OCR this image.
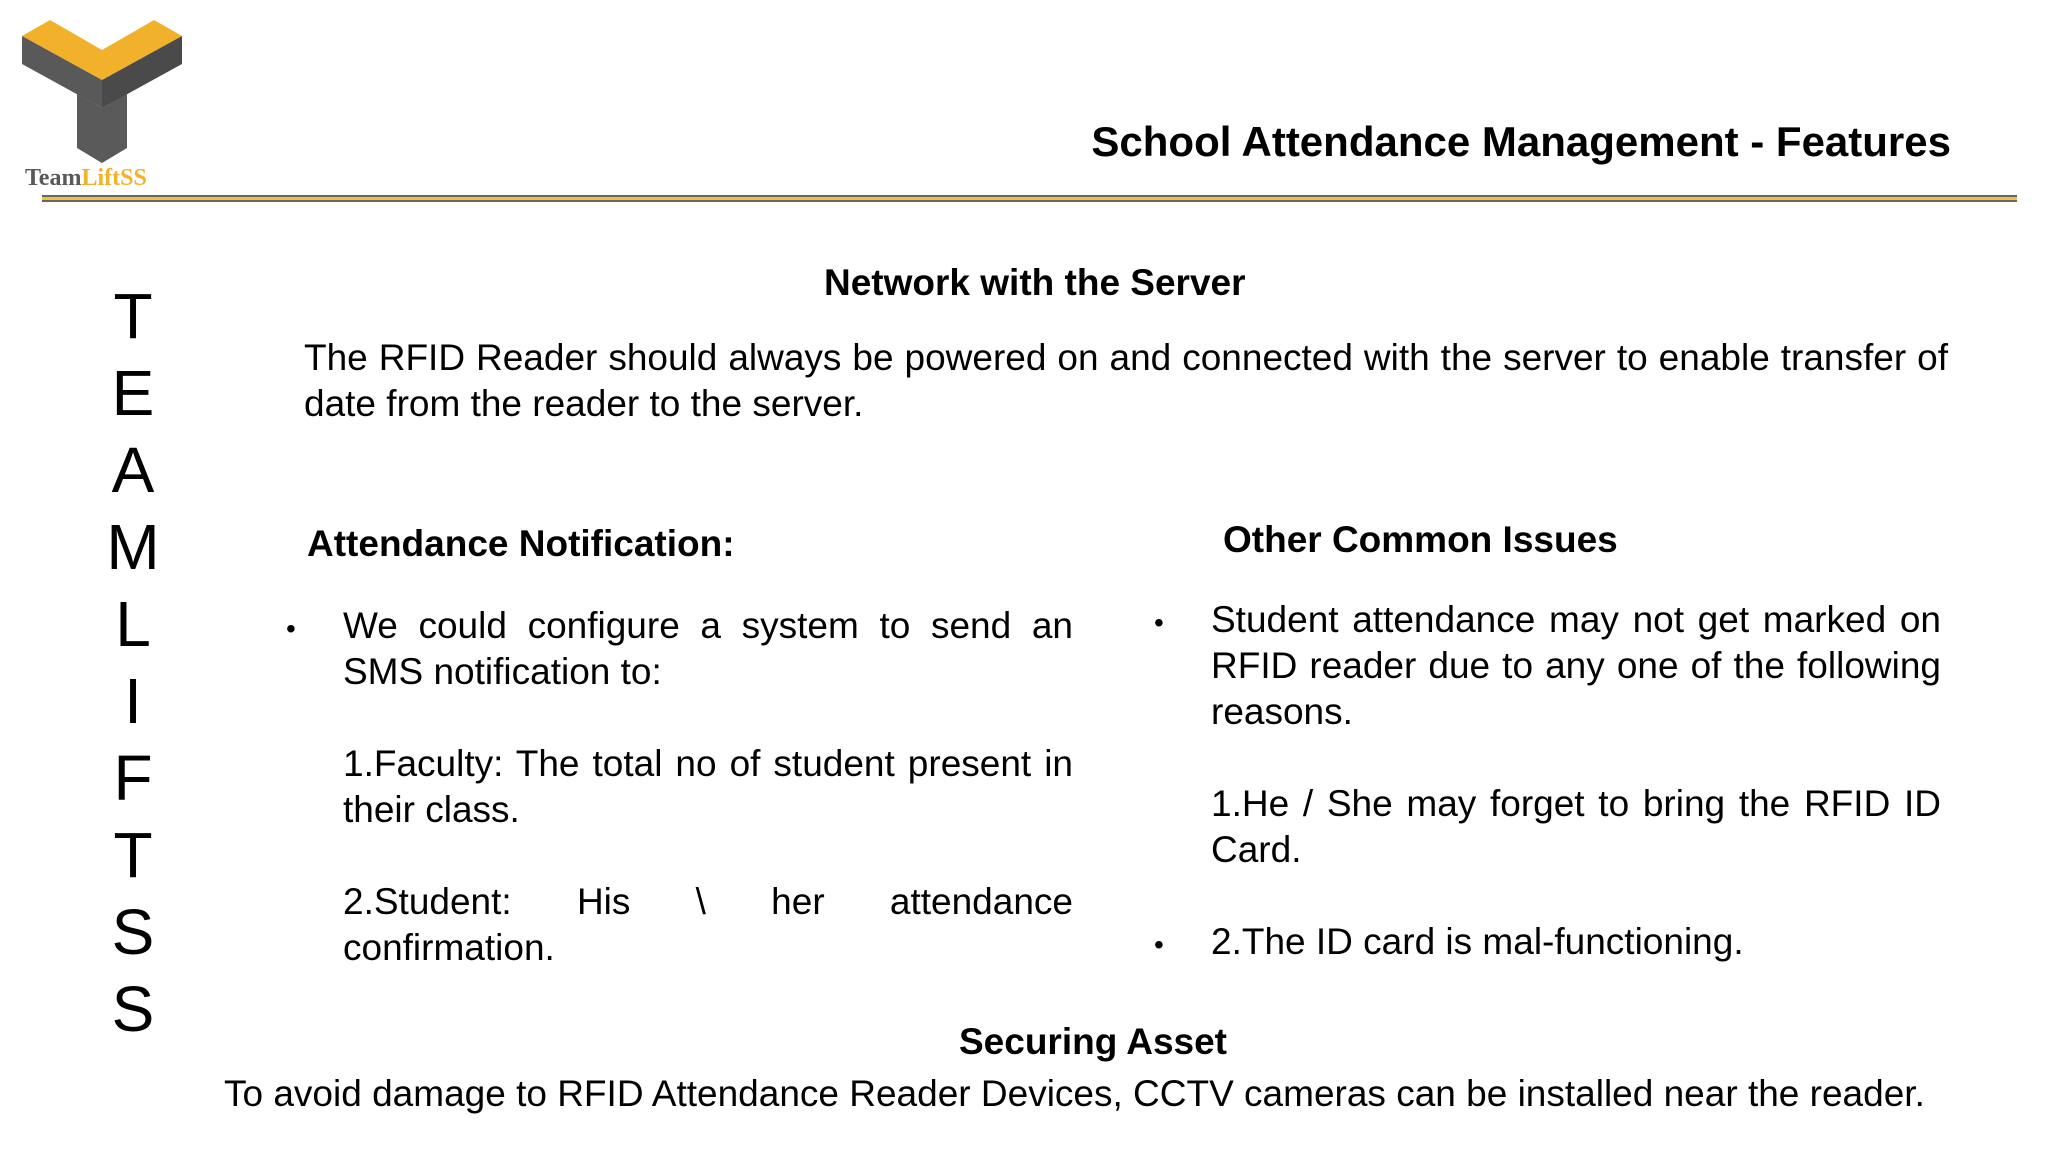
TeamLiftSS
School Attendance Management - Features
T
E
A
M
L
I
F
T
S
S
Network with the Server
The RFID Reader should always be powered on and connected with the server to enable transfer of date from the reader to the server.
Attendance Notification:
• We could configure a system to send an SMS notification to:
1.Faculty: The total no of student present in their class.
2.Student: His \ her attendance confirmation.
Other Common Issues
• Student attendance may not get marked on RFID reader due to any one of the following reasons.
1.He / She may forget to bring the RFID ID Card.
• 2.The ID card is mal-functioning.
Securing Asset
To avoid damage to RFID Attendance Reader Devices, CCTV cameras can be installed near the reader.
